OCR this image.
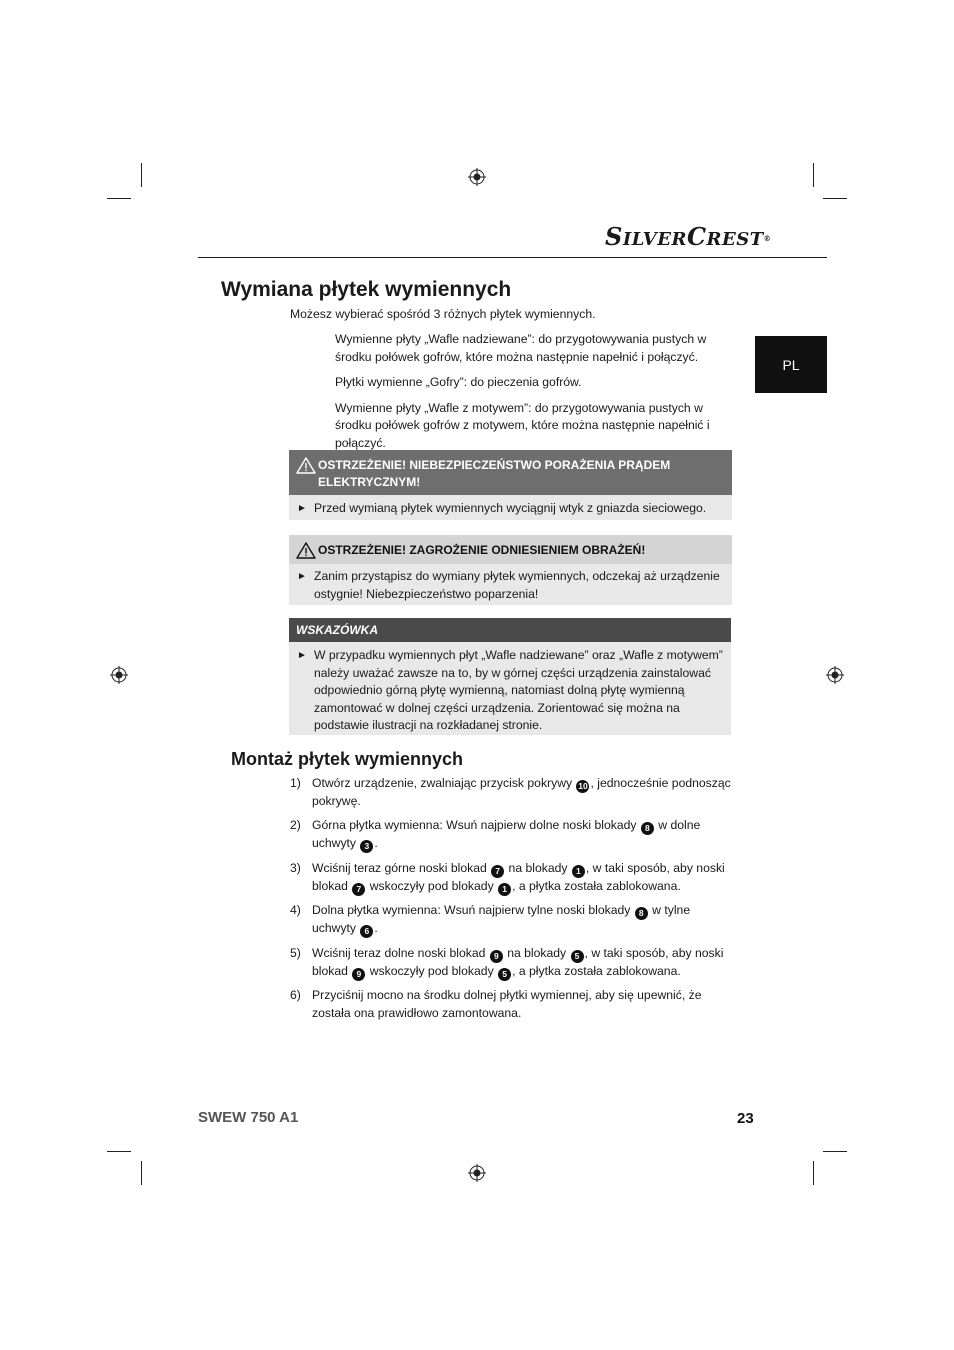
SILVERCREST®
PL
Wymiana płytek wymiennych
Możesz wybierać spośród 3 różnych płytek wymiennych.

Wymienne płyty „Wafle nadziewane”: do przygotowywania pustych w środku połówek gofrów, które można następnie napełnić i połączyć.

Płytki wymienne „Gofry”: do pieczenia gofrów.

Wymienne płyty „Wafle z motywem”: do przygotowywania pustych w środku połówek gofrów z motywem, które można następnie napełnić i połączyć.

OSTRZEŻENIE! NIEBEZPIECZEŃSTWO PORAŻENIA PRĄDEM ELEKTRYCZNYM!
► Przed wymianą płytek wymiennych wyciągnij wtyk z gniazda sieciowego.
OSTRZEŻENIE! ZAGROŻENIE ODNIESIENIEM OBRAŻEŃ!
► Zanim przystąpisz do wymiany płytek wymiennych, odczekaj aż urządzenie ostygnie! Niebezpieczeństwo poparzenia!
WSKAZÓWKA
► W przypadku wymiennych płyt „Wafle nadziewane” oraz „Wafle z motywem” należy uważać zawsze na to, by w górnej części urządzenia zainstalować odpowiednio górną płytę wymienną, natomiast dolną płytę wymienną zamontować w dolnej części urządzenia. Zorientować się można na podstawie ilustracji na rozkładanej stronie.
Montaż płytek wymiennych
1) Otwórz urządzenie, zwalniając przycisk pokrywy 10 , jednocześnie podnosząc pokrywę.
2) Górna płytka wymienna: Wsuń najpierw dolne noski blokady 8 w dolne uchwyty 3 .
3) Wciśnij teraz górne noski blokad 7 na blokady 1 , w taki sposób, aby noski blokad 7 wskoczyły pod blokady 1 , a płytka została zablokowana.
4) Dolna płytka wymienna: Wsuń najpierw tylne noski blokady 8 w tylne uchwyty 6 .
5) Wciśnij teraz dolne noski blokad 9 na blokady 5 , w taki sposób, aby noski blokad 9 wskoczyły pod blokady 5 , a płytka została zablokowana.
6) Przyciśnij mocno na środku dolnej płytki wymiennej, aby się upewnić, że została ona prawidłowo zamontowana.
SWEW 750 A1	23
